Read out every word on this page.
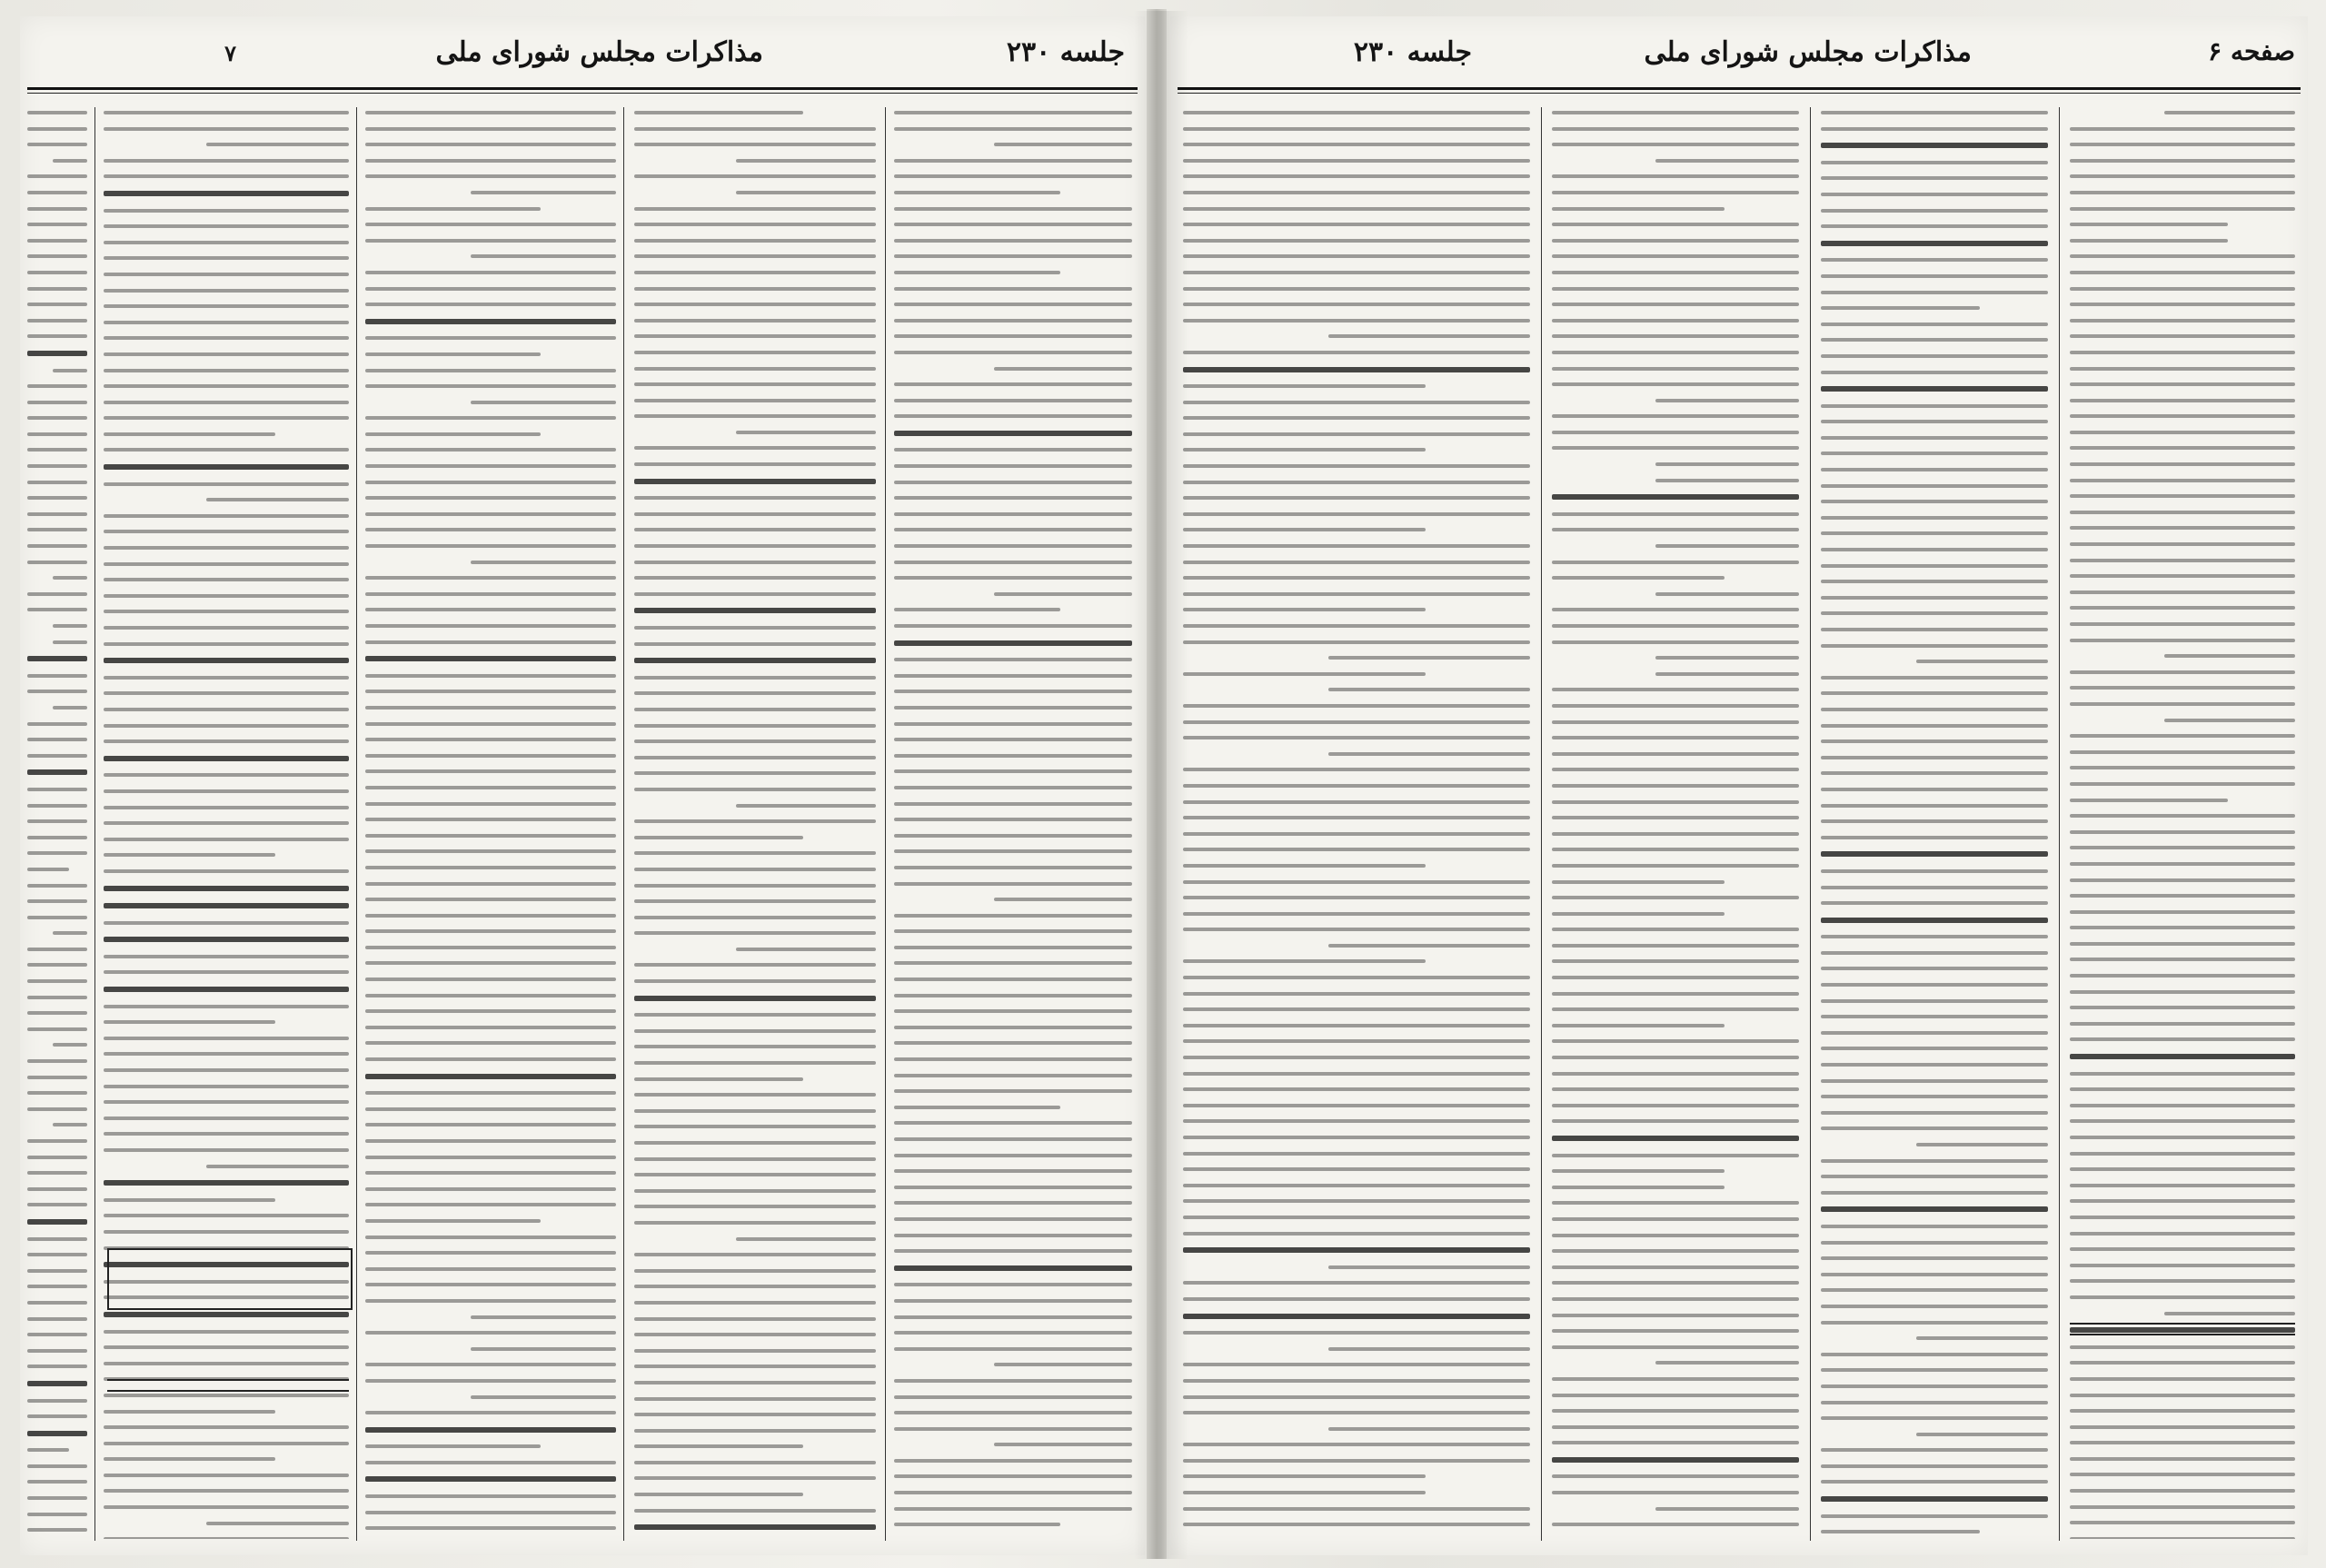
جلسه ۲۳۰
مذاکرات مجلس شورای ملی
۷	صفحه ۶
مذاکرات مجلس شورای ملی
جلسه ۲۳۰
